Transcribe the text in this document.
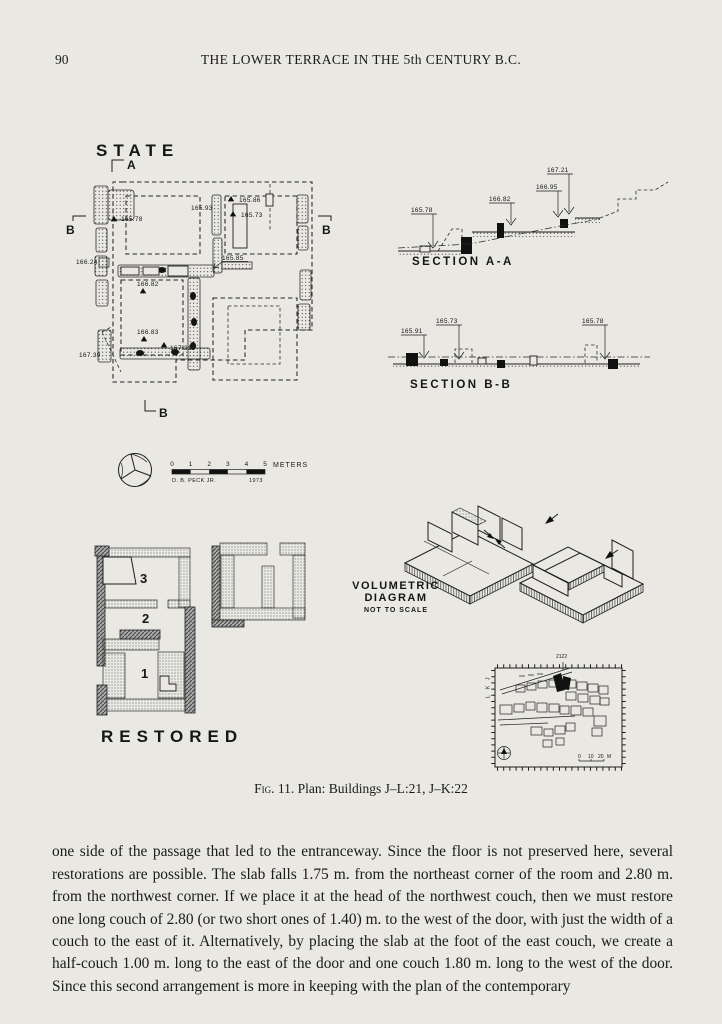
90	THE LOWER TERRACE IN THE 5th CENTURY B.C.
STATE
A
B	B
B
165.78
165.93
165.86
165.73
166.24
165.85
166.82
166.83
167.21
167.39
165.78
166.82
166.95
167.21
SECTION A-A
165.91
165.73	165.78
SECTION B-B
0 1 2 3 4 5 METERS
D. B. PECK JR.	1973
3
2
1
RESTORED
VOLUMETRIC
DIAGRAM
NOT TO SCALE
2122
J
K
L
0 10 20 M
Fig. 11. Plan: Buildings J–L:21, J–K:22

one side of the passage that led to the entranceway. Since the floor is not preserved here, several restorations are possible. The slab falls 1.75 m. from the northeast corner of the room and 2.80 m. from the northwest corner. If we place it at the head of the northwest couch, then we must restore one long couch of 2.80 (or two short ones of 1.40) m. to the west of the door, with just the width of a couch to the east of it. Alternatively, by placing the slab at the foot of the east couch, we create a half-couch 1.00 m. long to the east of the door and one couch 1.80 m. long to the west of the door. Since this second arrangement is more in keeping with the plan of the contemporary
